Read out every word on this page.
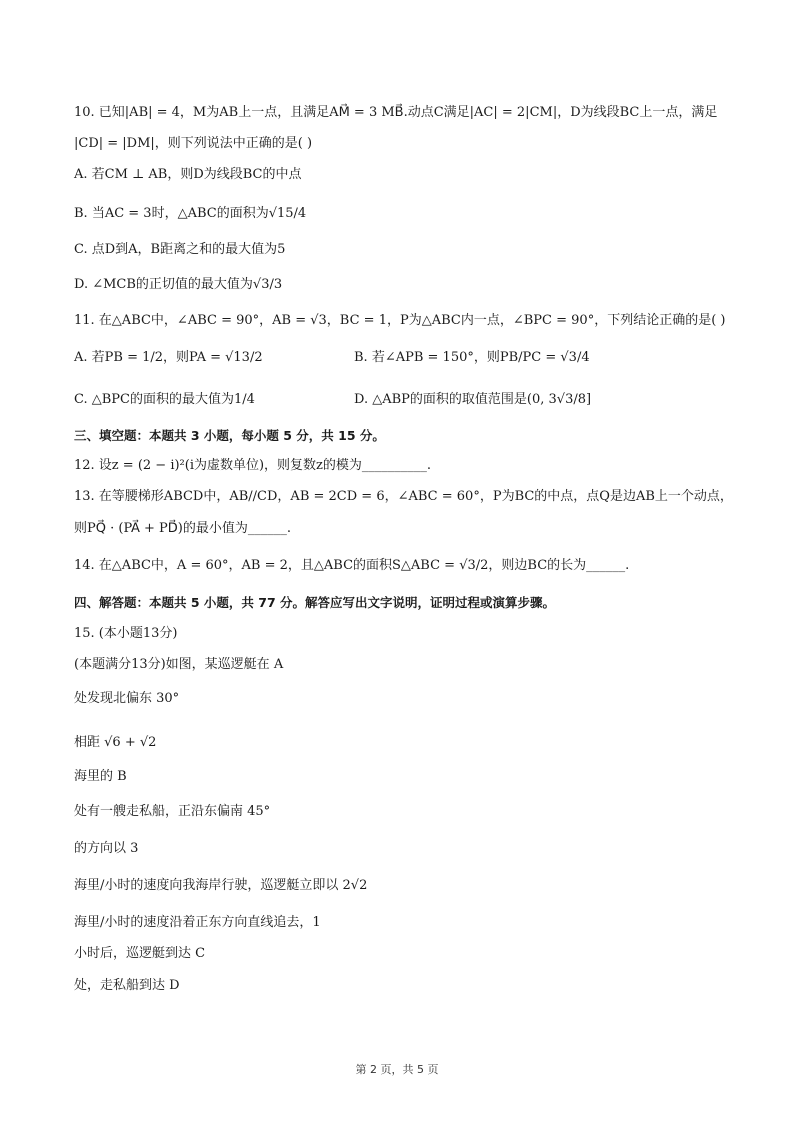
10. 已知|AB| = 4，M为AB上一点，且满足AM⃗ = 3 MB⃗.动点C满足|AC| = 2|CM|，D为线段BC上一点，满足
|CD| = |DM|，则下列说法中正确的是( )
A. 若CM ⊥ AB，则D为线段BC的中点
B. 当AC = 3时，△ABC的面积为√15/4
C. 点D到A，B距离之和的最大值为5
D. ∠MCB的正切值的最大值为√3/3
11. 在△ABC中，∠ABC = 90°，AB = √3，BC = 1，P为△ABC内一点，∠BPC = 90°，下列结论正确的是( )
A. 若PB = 1/2，则PA = √13/2	B. 若∠APB = 150°，则PB/PC = √3/4
C. △BPC的面积的最大值为1/4	D. △ABP的面积的取值范围是(0, 3√3/8]
三、填空题：本题共 3 小题，每小题 5 分，共 15 分。
12. 设z = (2 − i)²(i为虚数单位)，则复数z的模为__________.
13. 在等腰梯形ABCD中，AB//CD，AB = 2CD = 6，∠ABC = 60°，P为BC的中点，点Q是边AB上一个动点，
则PQ⃗ · (PA⃗ + PD⃗)的最小值为______.
14. 在△ABC中，A = 60°，AB = 2，且△ABC的面积S△ABC = √3/2，则边BC的长为______.
四、解答题：本题共 5 小题，共 77 分。解答应写出文字说明，证明过程或演算步骤。
15. (本小题13分)
(本题满分13分)如图，某巡逻艇在 A
处发现北偏东 30°
相距 √6 + √2
海里的 B
处有一艘走私船，正沿东偏南 45°
的方向以 3
海里/小时的速度向我海岸行驶，巡逻艇立即以 2√2
海里/小时的速度沿着正东方向直线追去，1
小时后，巡逻艇到达 C
处，走私船到达 D
第 2 页，共 5 页
